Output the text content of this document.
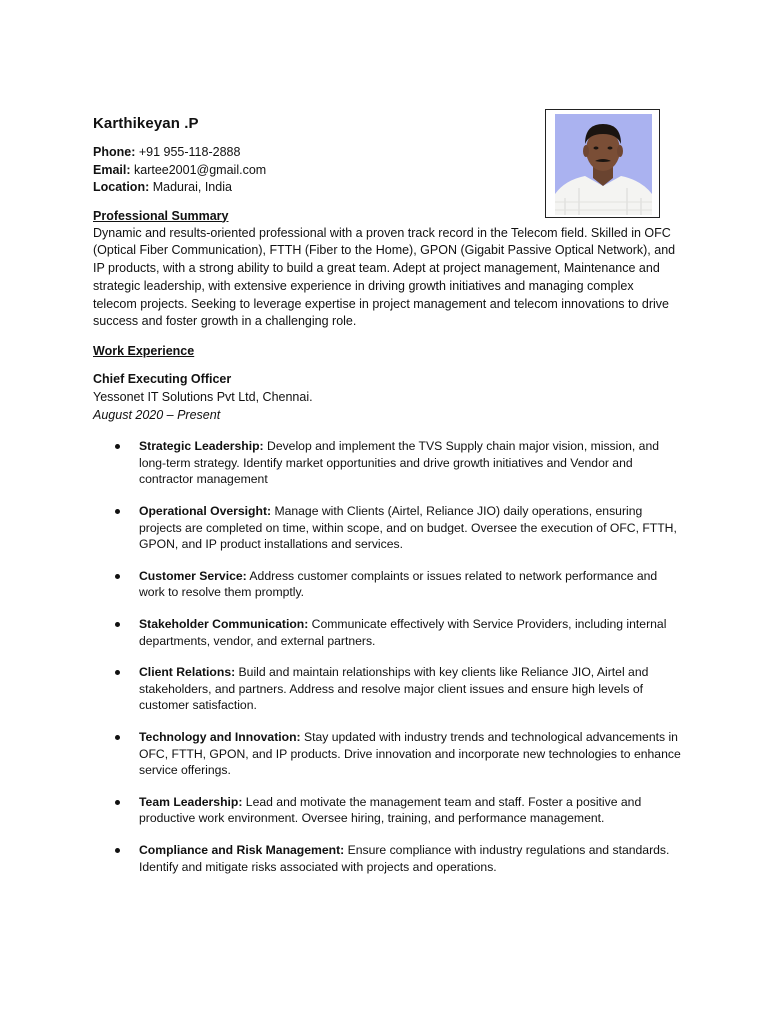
Karthikeyan .P
Phone: +91 955-118-2888
Email: kartee2001@gmail.com
Location: Madurai, India
Professional Summary
Dynamic and results-oriented professional with a proven track record in the Telecom field. Skilled in OFC (Optical Fiber Communication), FTTH (Fiber to the Home), GPON (Gigabit Passive Optical Network), and IP products, with a strong ability to build a great team. Adept at project management, Maintenance and strategic leadership, with extensive experience in driving growth initiatives and managing complex telecom projects. Seeking to leverage expertise in project management and telecom innovations to drive success and foster growth in a challenging role.
Work Experience
Chief Executing Officer
Yessonet IT Solutions Pvt Ltd, Chennai.
August 2020 – Present
Strategic Leadership: Develop and implement the TVS Supply chain major vision, mission, and long-term strategy. Identify market opportunities and drive growth initiatives and Vendor and contractor management
Operational Oversight: Manage with Clients (Airtel, Reliance JIO) daily operations, ensuring projects are completed on time, within scope, and on budget. Oversee the execution of OFC, FTTH, GPON, and IP product installations and services.
Customer Service: Address customer complaints or issues related to network performance and work to resolve them promptly.
Stakeholder Communication: Communicate effectively with Service Providers, including internal departments, vendor, and external partners.
Client Relations: Build and maintain relationships with key clients like Reliance JIO, Airtel and stakeholders, and partners. Address and resolve major client issues and ensure high levels of customer satisfaction.
Technology and Innovation: Stay updated with industry trends and technological advancements in OFC, FTTH, GPON, and IP products. Drive innovation and incorporate new technologies to enhance service offerings.
Team Leadership: Lead and motivate the management team and staff. Foster a positive and productive work environment. Oversee hiring, training, and performance management.
Compliance and Risk Management: Ensure compliance with industry regulations and standards. Identify and mitigate risks associated with projects and operations.
